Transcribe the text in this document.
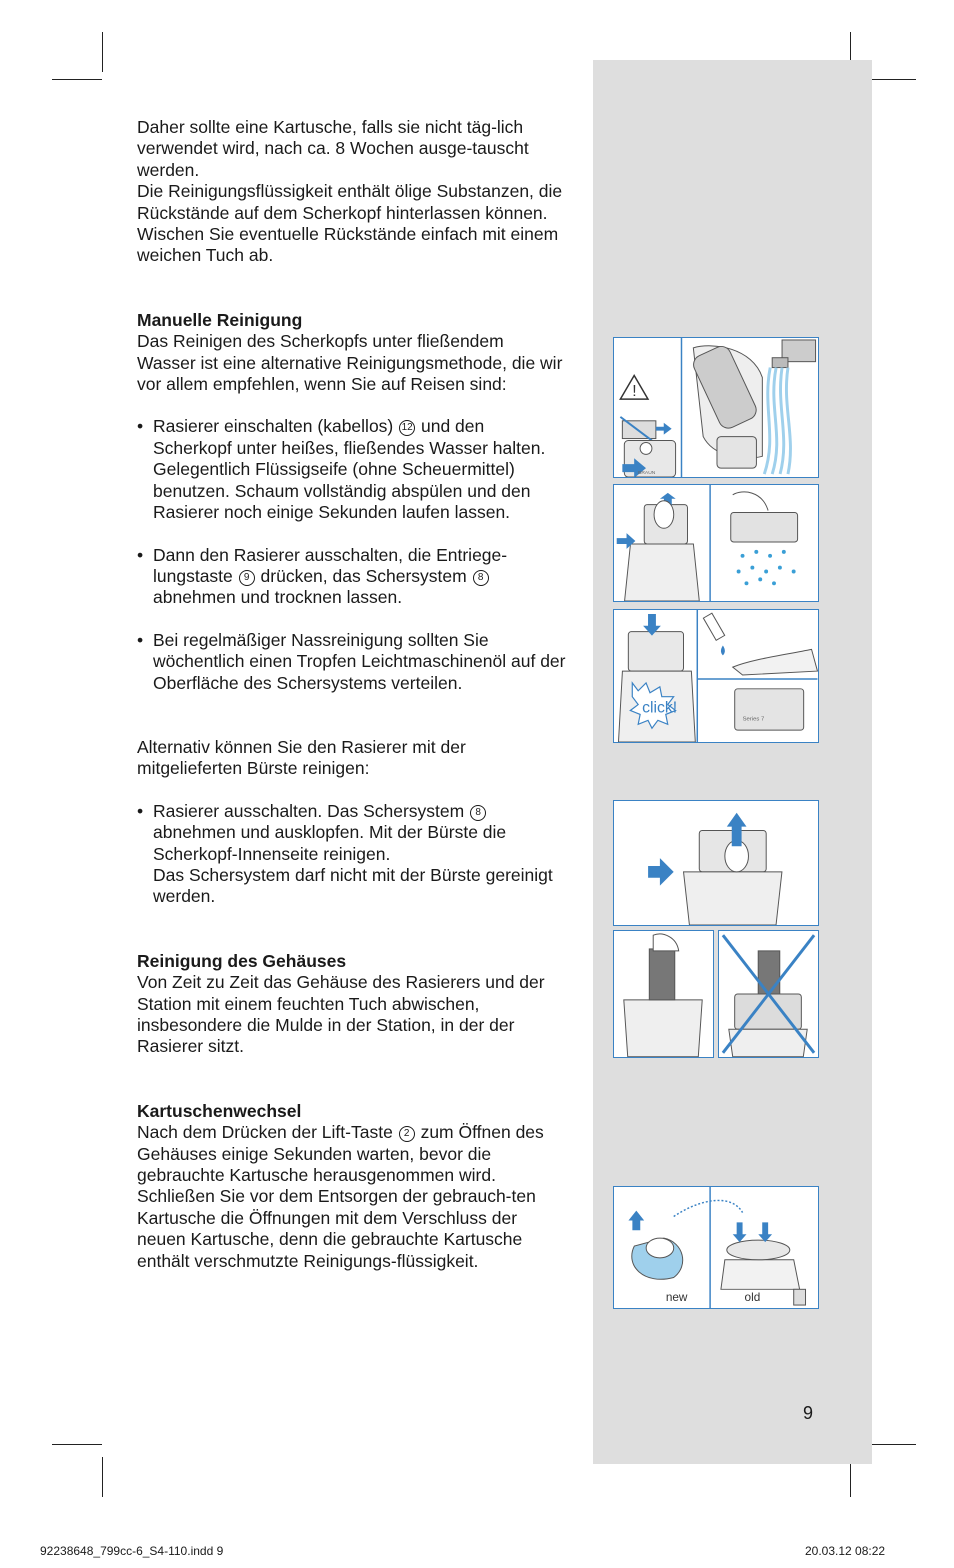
Daher sollte eine Kartusche, falls sie nicht täg-lich verwendet wird, nach ca. 8 Wochen ausge-tauscht werden.

Die Reinigungsflüssigkeit enthält ölige Substanzen, die Rückstände auf dem Scherkopf hinterlassen können. Wischen Sie eventuelle Rückstände einfach mit einem weichen Tuch ab.

Manuelle Reinigung

Das Reinigen des Scherkopfs unter fließendem Wasser ist eine alternative Reinigungsmethode, die wir vor allem empfehlen, wenn Sie auf Reisen sind:

• Rasierer einschalten (kabellos) 12 und den Scherkopf unter heißes, fließendes Wasser halten. Gelegentlich Flüssigseife (ohne Scheuermittel) benutzen. Schaum vollständig abspülen und den Rasierer noch einige Sekunden laufen lassen.

• Dann den Rasierer ausschalten, die Entriege-lungstaste 9 drücken, das Schersystem 8 abnehmen und trocknen lassen.

• Bei regelmäßiger Nassreinigung sollten Sie wöchentlich einen Tropfen Leichtmaschinenöl auf der Oberfläche des Schersystems verteilen.

Alternativ können Sie den Rasierer mit der mitgelieferten Bürste reinigen:

• Rasierer ausschalten. Das Schersystem 8 abnehmen und ausklopfen. Mit der Bürste die Scherkopf-Innenseite reinigen.
Das Schersystem darf nicht mit der Bürste gereinigt werden.

Reinigung des Gehäuses

Von Zeit zu Zeit das Gehäuse des Rasierers und der Station mit einem feuchten Tuch abwischen, insbesondere die Mulde in der Station, in der der Rasierer sitzt.

Kartuschenwechsel

Nach dem Drücken der Lift-Taste 2 zum Öffnen des Gehäuses einige Sekunden warten, bevor die gebrauchte Kartusche herausgenommen wird.

Schließen Sie vor dem Entsorgen der gebrauch-ten Kartusche die Öffnungen mit dem Verschluss der neuen Kartusche, denn die gebrauchte Kartusche enthält verschmutzte Reinigungs-flüssigkeit.

!
BRAUN
click!
Series 7
new	old
9
92238648_799cc-6_S4-110.indd 9	20.03.12 08:22
